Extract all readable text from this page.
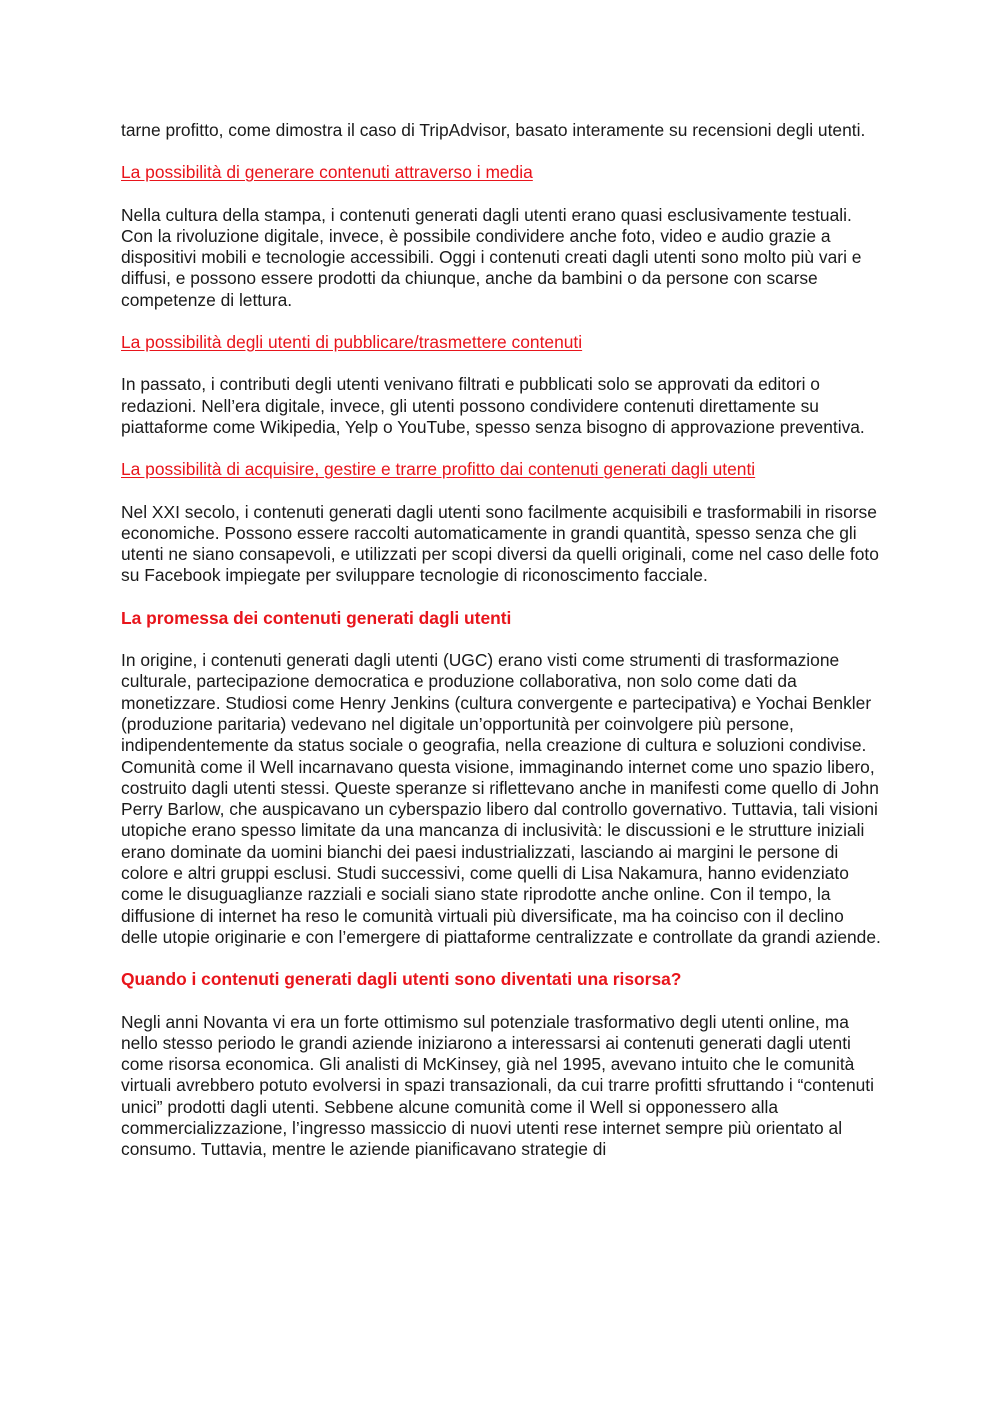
tarne profitto, come dimostra il caso di TripAdvisor, basato interamente su recensioni degli utenti.

La possibilità di generare contenuti attraverso i media

Nella cultura della stampa, i contenuti generati dagli utenti erano quasi esclusivamente testuali. Con la rivoluzione digitale, invece, è possibile condividere anche foto, video e audio grazie a dispositivi mobili e tecnologie accessibili. Oggi i contenuti creati dagli utenti sono molto più vari e diffusi, e possono essere prodotti da chiunque, anche da bambini o da persone con scarse competenze di lettura.

La possibilità degli utenti di pubblicare/trasmettere contenuti

In passato, i contributi degli utenti venivano filtrati e pubblicati solo se approvati da editori o redazioni. Nell’era digitale, invece, gli utenti possono condividere contenuti direttamente su piattaforme come Wikipedia, Yelp o YouTube, spesso senza bisogno di approvazione preventiva.

La possibilità di acquisire, gestire e trarre profitto dai contenuti generati dagli utenti

Nel XXI secolo, i contenuti generati dagli utenti sono facilmente acquisibili e trasformabili in risorse economiche. Possono essere raccolti automaticamente in grandi quantità, spesso senza che gli utenti ne siano consapevoli, e utilizzati per scopi diversi da quelli originali, come nel caso delle foto su Facebook impiegate per sviluppare tecnologie di riconoscimento facciale.

La promessa dei contenuti generati dagli utenti

In origine, i contenuti generati dagli utenti (UGC) erano visti come strumenti di trasformazione culturale, partecipazione democratica e produzione collaborativa, non solo come dati da monetizzare. Studiosi come Henry Jenkins (cultura convergente e partecipativa) e Yochai Benkler (produzione paritaria) vedevano nel digitale un’opportunità per coinvolgere più persone, indipendentemente da status sociale o geografia, nella creazione di cultura e soluzioni condivise. Comunità come il Well incarnavano questa visione, immaginando internet come uno spazio libero, costruito dagli utenti stessi. Queste speranze si riflettevano anche in manifesti come quello di John Perry Barlow, che auspicavano un cyberspazio libero dal controllo governativo. Tuttavia, tali visioni utopiche erano spesso limitate da una mancanza di inclusività: le discussioni e le strutture iniziali erano dominate da uomini bianchi dei paesi industrializzati, lasciando ai margini le persone di colore e altri gruppi esclusi. Studi successivi, come quelli di Lisa Nakamura, hanno evidenziato come le disuguaglianze razziali e sociali siano state riprodotte anche online. Con il tempo, la diffusione di internet ha reso le comunità virtuali più diversificate, ma ha coinciso con il declino delle utopie originarie e con l’emergere di piattaforme centralizzate e controllate da grandi aziende.

Quando i contenuti generati dagli utenti sono diventati una risorsa?

Negli anni Novanta vi era un forte ottimismo sul potenziale trasformativo degli utenti online, ma nello stesso periodo le grandi aziende iniziarono a interessarsi ai contenuti generati dagli utenti come risorsa economica. Gli analisti di McKinsey, già nel 1995, avevano intuito che le comunità virtuali avrebbero potuto evolversi in spazi transazionali, da cui trarre profitti sfruttando i “contenuti unici” prodotti dagli utenti. Sebbene alcune comunità come il Well si opponessero alla commercializzazione, l’ingresso massiccio di nuovi utenti rese internet sempre più orientato al consumo. Tuttavia, mentre le aziende pianificavano strategie di
